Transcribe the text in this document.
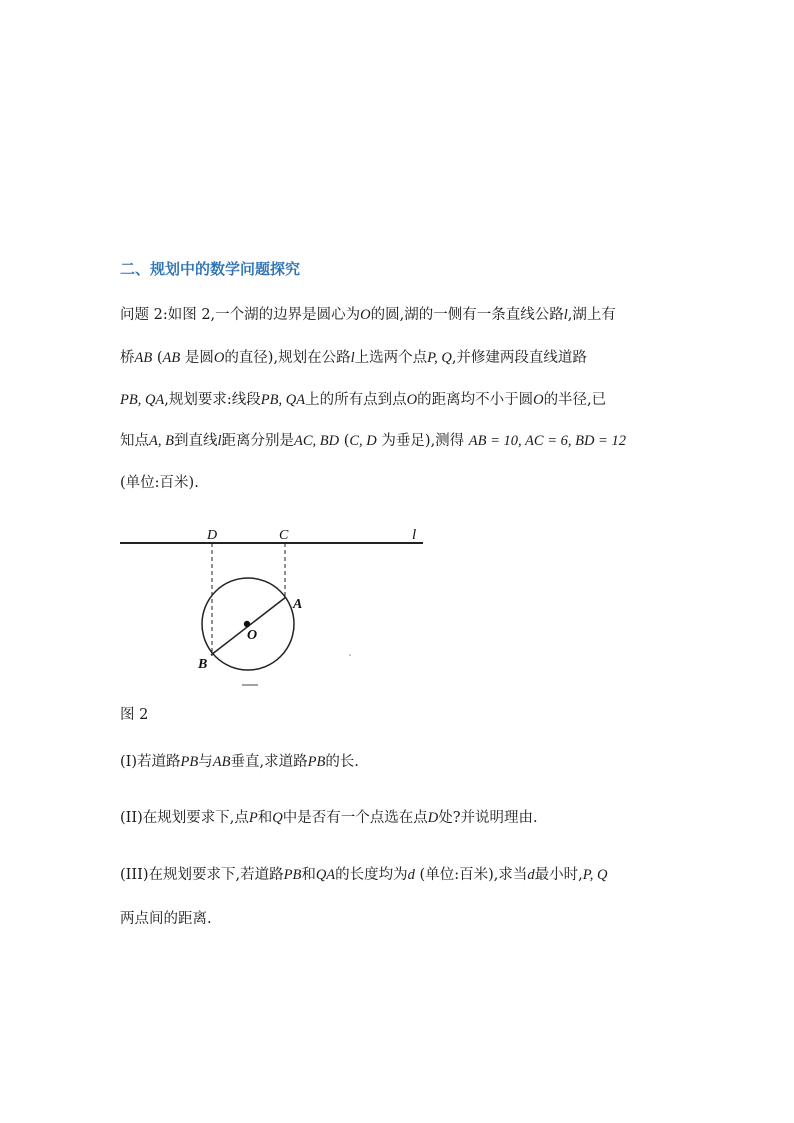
二、规划中的数学问题探究
问题 2:如图 2,一个湖的边界是圆心为O的圆,湖的一侧有一条直线公路l,湖上有
桥AB (AB 是圆O的直径),规划在公路l上选两个点P, Q,并修建两段直线道路
PB, QA,规划要求:线段PB, QA上的所有点到点O的距离均不小于圆O的半径,已
知点A, B到直线l距离分别是AC, BD (C, D 为垂足),测得 AB = 10, AC = 6, BD = 12
(单位:百米).
D	C	l
A
O
B
图 2
(I)若道路PB与AB垂直,求道路PB的长.
(II)在规划要求下,点P和Q中是否有一个点选在点D处?并说明理由.
(III)在规划要求下,若道路PB和QA的长度均为d (单位:百米),求当d最小时,P, Q
两点间的距离.
